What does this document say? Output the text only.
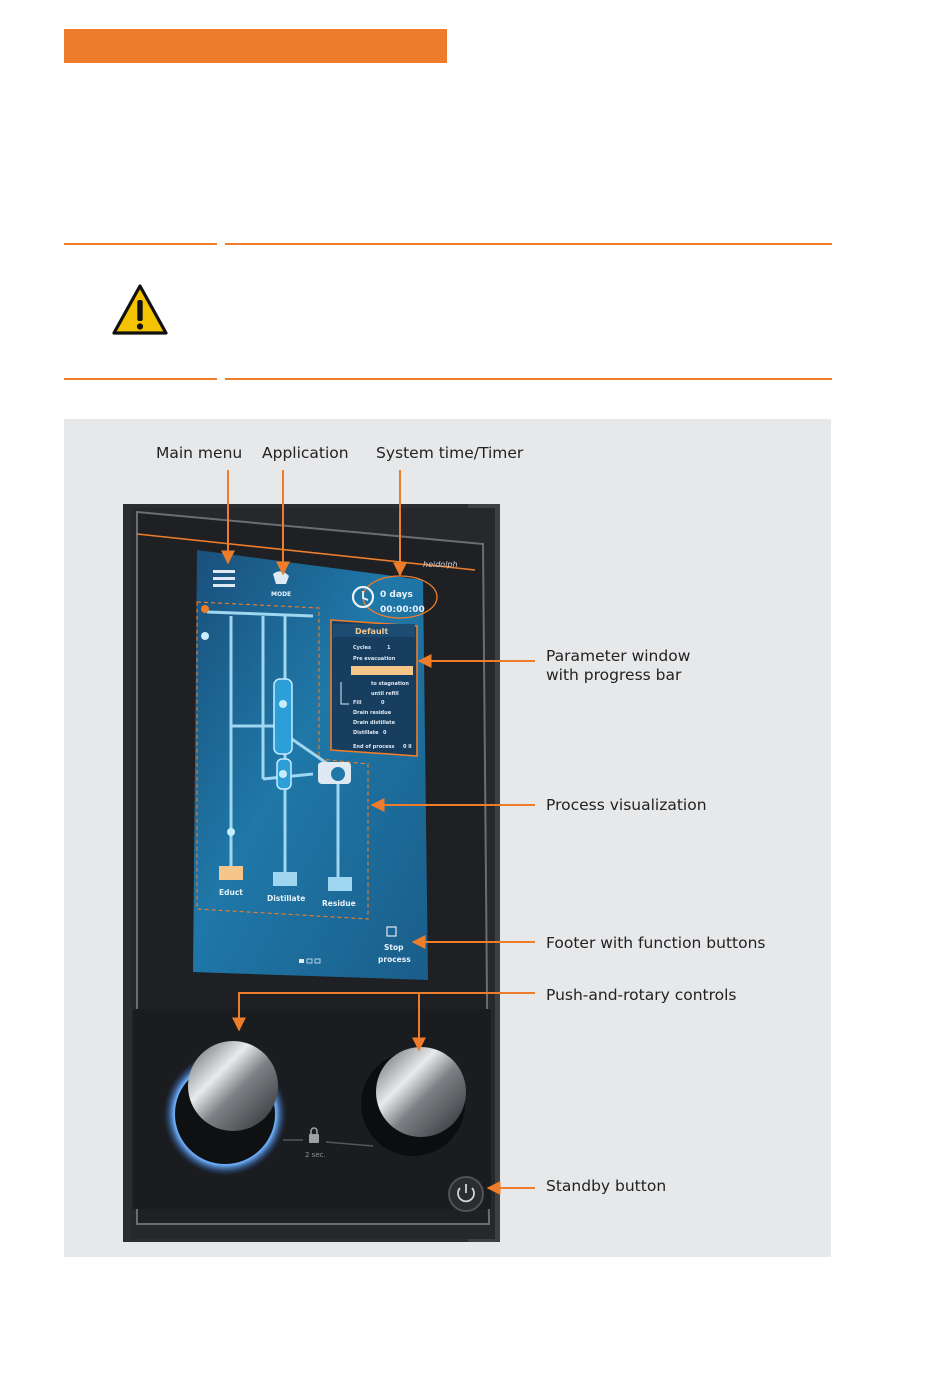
Main menu Application System time/Timer
Parameter window
with progress bar
Process visualization
Footer with function buttons
Push-and-rotary controls
Standby button
heidolph
MODE	0 days
00:00:00
Educt
Distillate
Residue
Default
Cycles	1
Pre evacuation
to stagnation
until refill
Fill	0
Drain residue
Drain distillate
Distillate 0
End of process 0 ll
Stop
process
2 sec.
